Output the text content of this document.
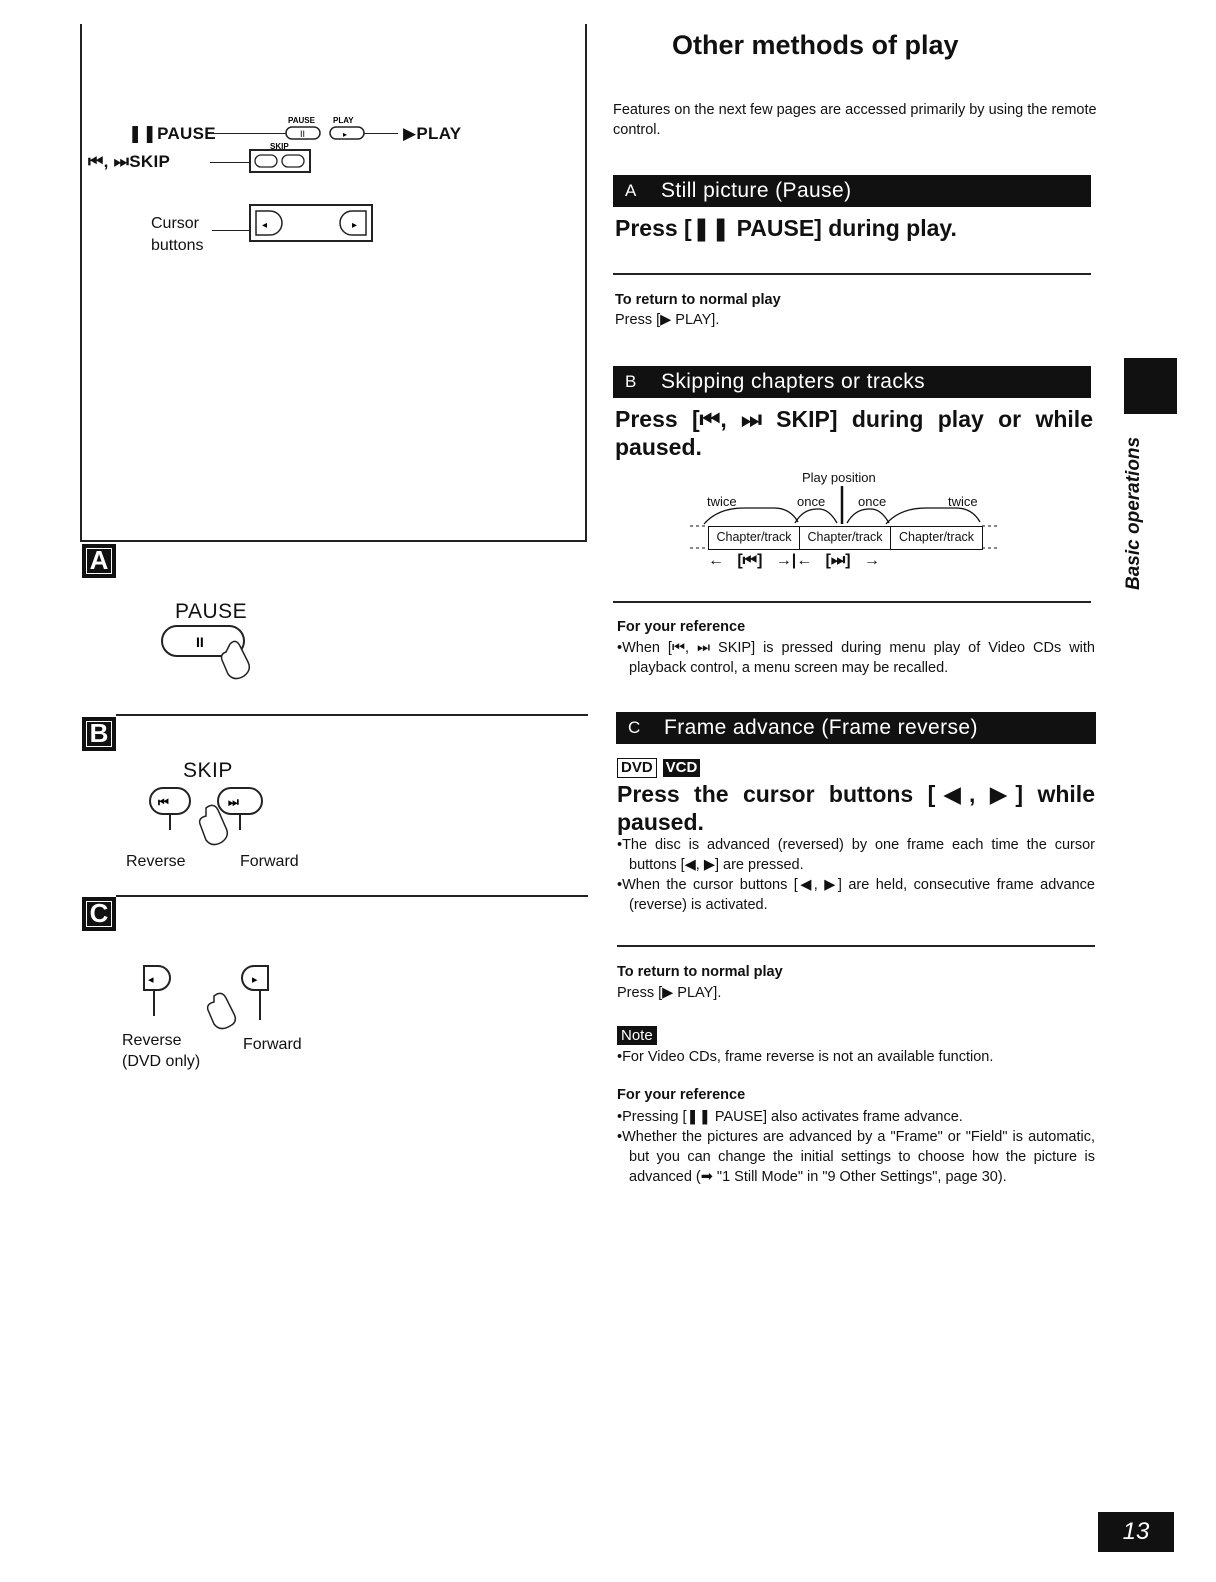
PAUSE PLAY
II	▸
SKIP
◂	▸
❚❚PAUSE	▶PLAY
⏮, ⏭SKIP
Cursor
buttons
A
PAUSE
II
B
SKIP
⏮	⏭
Reverse	Forward
C
◂	▸
Reverse
(DVD only)
Forward
Other methods of play
Features on the next few pages are accessed primarily by using the remote control.
A	Still picture (Pause)
Press [❚❚ PAUSE] during play.
To return to normal play
Press [▶ PLAY].
B	Skipping chapters or tracks
Press [⏮, ⏭ SKIP] during play or while paused.
Play position
twice	once	once	twice
Chapter/track	Chapter/track	Chapter/track
←   [⏮]   →|←   [⏭]   →
For your reference
•When [⏮, ⏭ SKIP] is pressed during menu play of Video CDs with playback control, a menu screen may be recalled.
C	Frame advance (Frame reverse)
DVD VCD
Press the cursor buttons [◀, ▶] while paused.
•The disc is advanced (reversed) by one frame each time the cursor buttons [◀, ▶] are pressed.
•When the cursor buttons [◀, ▶] are held, consecutive frame advance (reverse) is activated.
To return to normal play
Press [▶ PLAY].
Note
•For Video CDs, frame reverse is not an available function.
For your reference
•Pressing [❚❚ PAUSE] also activates frame advance.
•Whether the pictures are advanced by a "Frame" or "Field" is automatic, but you can change the initial settings to choose how the picture is advanced (➡ "1 Still Mode" in "9 Other Settings", page 30).
Basic operations
13
